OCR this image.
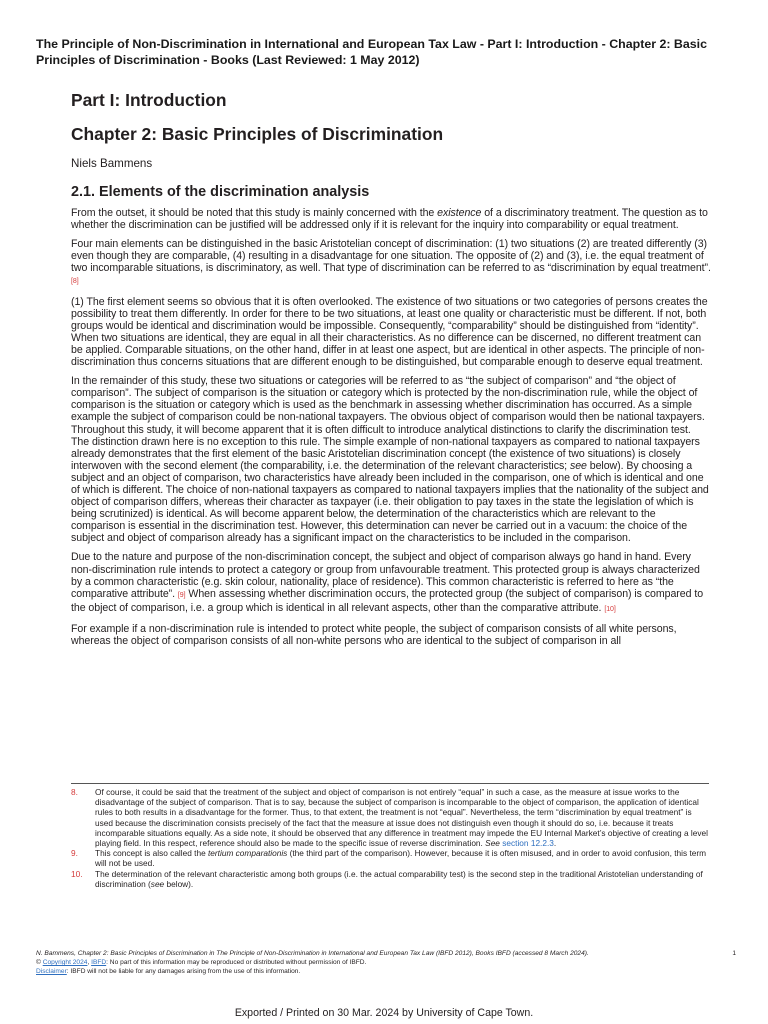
The Principle of Non-Discrimination in International and European Tax Law - Part I: Introduction - Chapter 2: Basic Principles of Discrimination - Books (Last Reviewed: 1 May 2012)
Part I: Introduction
Chapter 2: Basic Principles of Discrimination
Niels Bammens
2.1. Elements of the discrimination analysis

From the outset, it should be noted that this study is mainly concerned with the existence of a discriminatory treatment. The question as to whether the discrimination can be justified will be addressed only if it is relevant for the inquiry into comparability or equal treatment.

Four main elements can be distinguished in the basic Aristotelian concept of discrimination: (1) two situations (2) are treated differently (3) even though they are comparable, (4) resulting in a disadvantage for one situation. The opposite of (2) and (3), i.e. the equal treatment of two incomparable situations, is discriminatory, as well. That type of discrimination can be referred to as “discrimination by equal treatment”. [8]

(1) The first element seems so obvious that it is often overlooked. The existence of two situations or two categories of persons creates the possibility to treat them differently. In order for there to be two situations, at least one quality or characteristic must be different. If not, both groups would be identical and discrimination would be impossible. Consequently, “comparability” should be distinguished from “identity”. When two situations are identical, they are equal in all their characteristics. As no difference can be discerned, no different treatment can be applied. Comparable situations, on the other hand, differ in at least one aspect, but are identical in other aspects. The principle of non-discrimination thus concerns situations that are different enough to be distinguished, but comparable enough to deserve equal treatment.

In the remainder of this study, these two situations or categories will be referred to as “the subject of comparison” and “the object of comparison”. The subject of comparison is the situation or category which is protected by the non-discrimination rule, while the object of comparison is the situation or category which is used as the benchmark in assessing whether discrimination has occurred. As a simple example the subject of comparison could be non-national taxpayers. The obvious object of comparison would then be national taxpayers. Throughout this study, it will become apparent that it is often difficult to introduce analytical distinctions to clarify the discrimination test. The distinction drawn here is no exception to this rule. The simple example of non-national taxpayers as compared to national taxpayers already demonstrates that the first element of the basic Aristotelian discrimination concept (the existence of two situations) is closely interwoven with the second element (the comparability, i.e. the determination of the relevant characteristics; see below). By choosing a subject and an object of comparison, two characteristics have already been included in the comparison, one of which is identical and one of which is different. The choice of non-national taxpayers as compared to national taxpayers implies that the nationality of the subject and object of comparison differs, whereas their character as taxpayer (i.e. their obligation to pay taxes in the state the legislation of which is being scrutinized) is identical. As will become apparent below, the determination of the characteristics which are relevant to the comparison is essential in the discrimination test. However, this determination can never be carried out in a vacuum: the choice of the subject and object of comparison already has a significant impact on the characteristics to be included in the comparison.

Due to the nature and purpose of the non-discrimination concept, the subject and object of comparison always go hand in hand. Every non-discrimination rule intends to protect a category or group from unfavourable treatment. This protected group is always characterized by a common characteristic (e.g. skin colour, nationality, place of residence). This common characteristic is referred to here as “the comparative attribute”. [9] When assessing whether discrimination occurs, the protected group (the subject of comparison) is compared to the object of comparison, i.e. a group which is identical in all relevant aspects, other than the comparative attribute. [10]

For example if a non-discrimination rule is intended to protect white people, the subject of comparison consists of all white persons, whereas the object of comparison consists of all non-white persons who are identical to the subject of comparison in all

8.	Of course, it could be said that the treatment of the subject and object of comparison is not entirely “equal” in such a case, as the measure at issue works to the disadvantage of the subject of comparison. That is to say, because the subject of comparison is incomparable to the object of comparison, the application of identical rules to both results in a disadvantage for the former. Thus, to that extent, the treatment is not “equal”. Nevertheless, the term “discrimination by equal treatment” is used because the discrimination consists precisely of the fact that the measure at issue does not distinguish even though it should do so, i.e. because it treats incomparable situations equally. As a side note, it should be observed that any difference in treatment may impede the EU Internal Market’s objective of creating a level playing field. In this respect, reference should also be made to the specific issue of reverse discrimination. See section 12.2.3.
9.	This concept is also called the tertium comparationis (the third part of the comparison). However, because it is often misused, and in order to avoid confusion, this term will not be used.
10.	The determination of the relevant characteristic among both groups (i.e. the actual comparability test) is the second step in the traditional Aristotelian understanding of discrimination (see below).
N. Bammens, Chapter 2: Basic Principles of Discrimination in The Principle of Non-Discrimination in International and European Tax Law (IBFD 2012), Books IBFD (accessed 8 March 2024).
© Copyright 2024, IBFD: No part of this information may be reproduced or distributed without permission of IBFD.
Disclaimer: IBFD will not be liable for any damages arising from the use of this information.
1
Exported / Printed on 30 Mar. 2024 by University of Cape Town.
